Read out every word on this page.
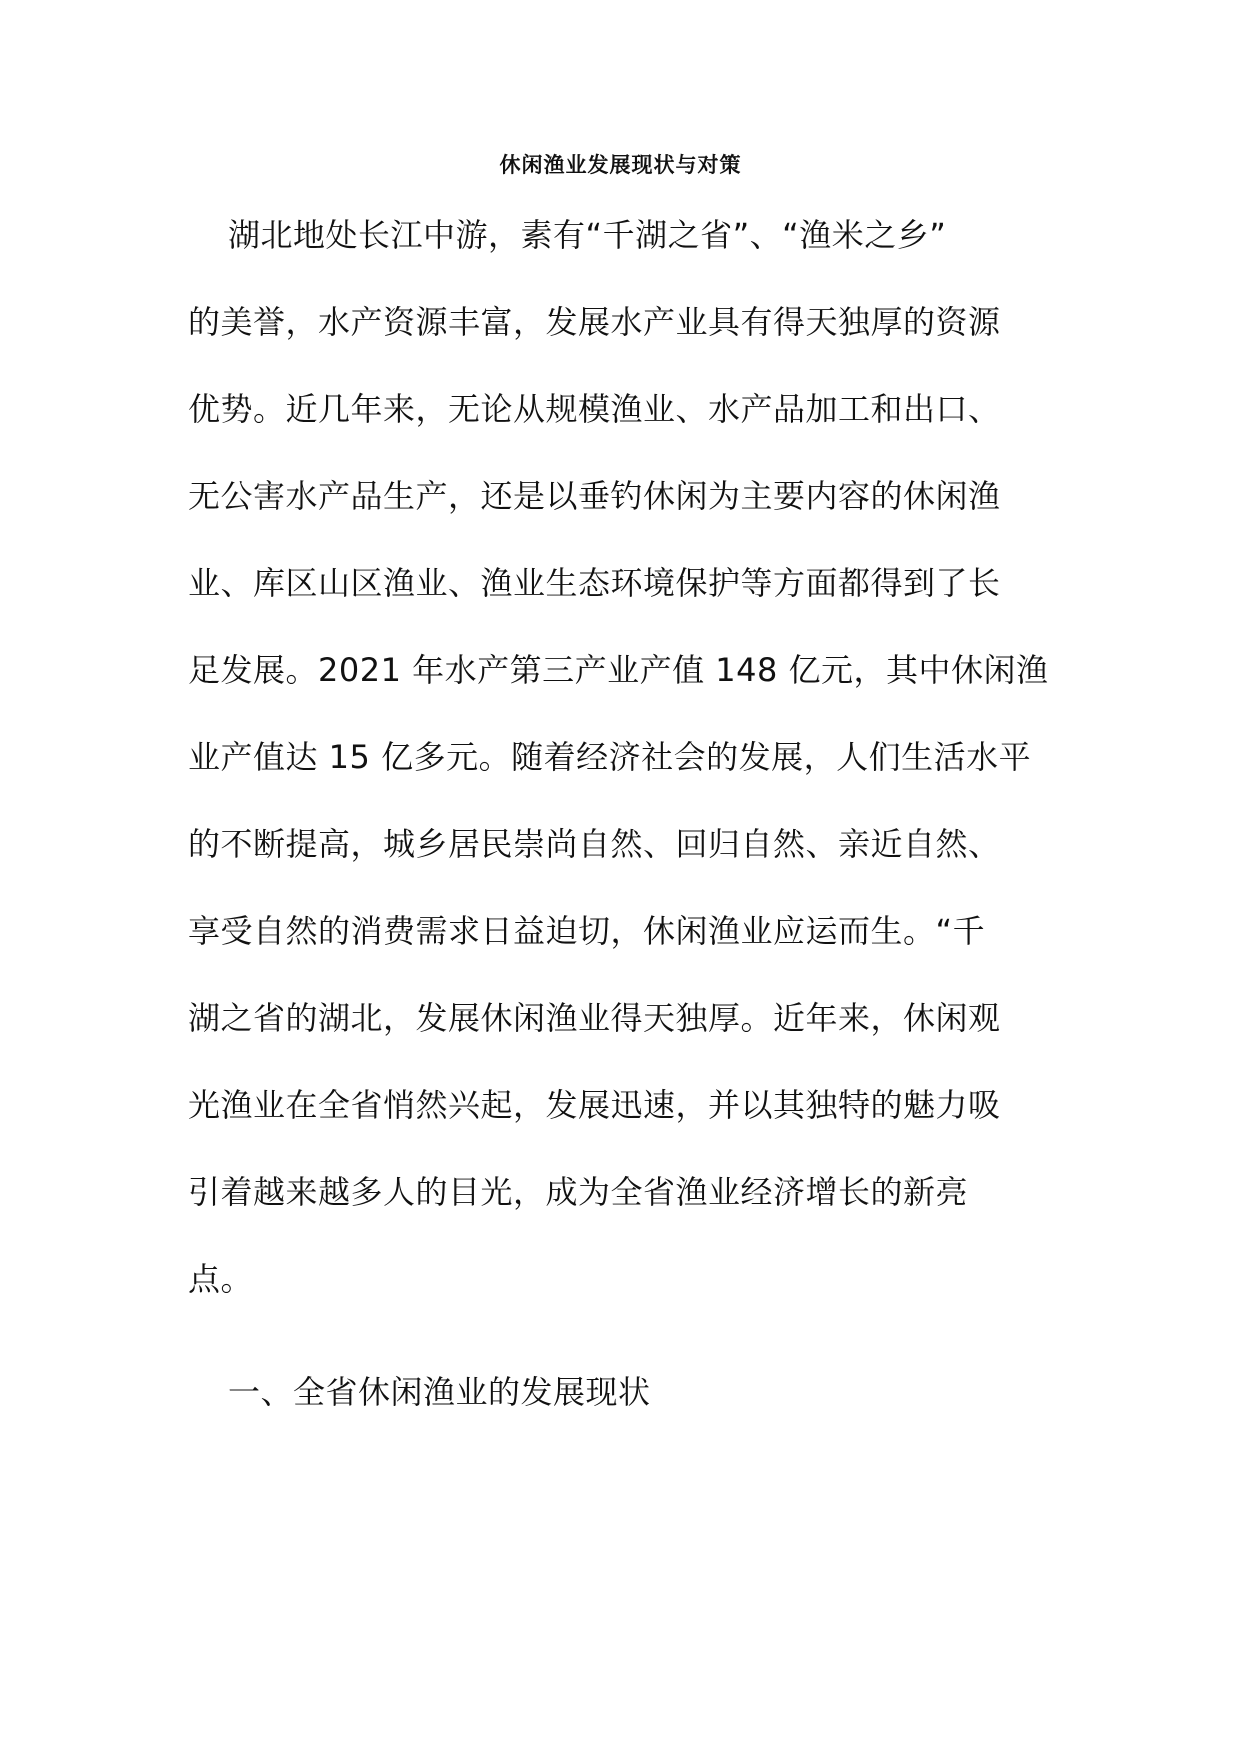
休闲渔业发展现状与对策
湖北地处长江中游，素有“千湖之省”、“渔米之乡”
的美誉，水产资源丰富，发展水产业具有得天独厚的资源
优势。近几年来，无论从规模渔业、水产品加工和出口、
无公害水产品生产，还是以垂钓休闲为主要内容的休闲渔
业、库区山区渔业、渔业生态环境保护等方面都得到了长
足发展。2021 年水产第三产业产值 148 亿元，其中休闲渔
业产值达 15 亿多元。随着经济社会的发展，人们生活水平
的不断提高，城乡居民崇尚自然、回归自然、亲近自然、
享受自然的消费需求日益迫切，休闲渔业应运而生。“千
湖之省的湖北，发展休闲渔业得天独厚。近年来，休闲观
光渔业在全省悄然兴起，发展迅速，并以其独特的魅力吸
引着越来越多人的目光，成为全省渔业经济增长的新亮
点。
一、全省休闲渔业的发展现状
